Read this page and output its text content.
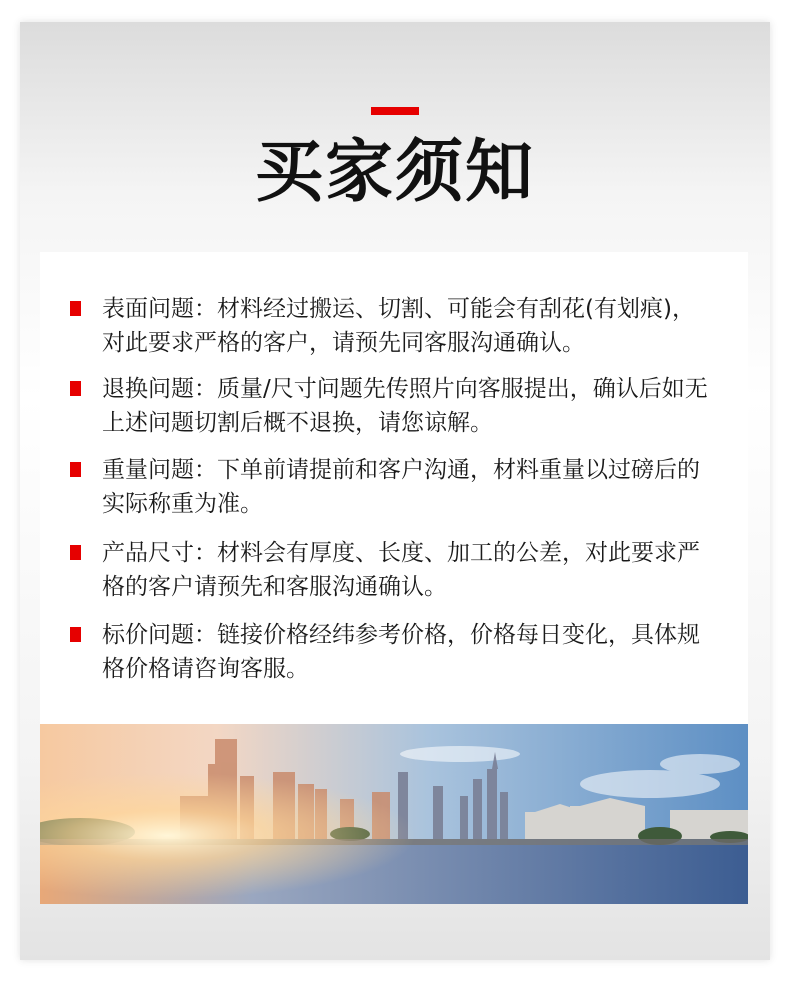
买家须知
表面问题：材料经过搬运、切割、可能会有刮花(有划痕)，对此要求严格的客户，请预先同客服沟通确认。
退换问题：质量/尺寸问题先传照片向客服提出，确认后如无上述问题切割后概不退换，请您谅解。
重量问题：下单前请提前和客户沟通，材料重量以过磅后的实际称重为准。
产品尺寸：材料会有厚度、长度、加工的公差，对此要求严格的客户请预先和客服沟通确认。
标价问题：链接价格经纬参考价格，价格每日变化，具体规格价格请咨询客服。
